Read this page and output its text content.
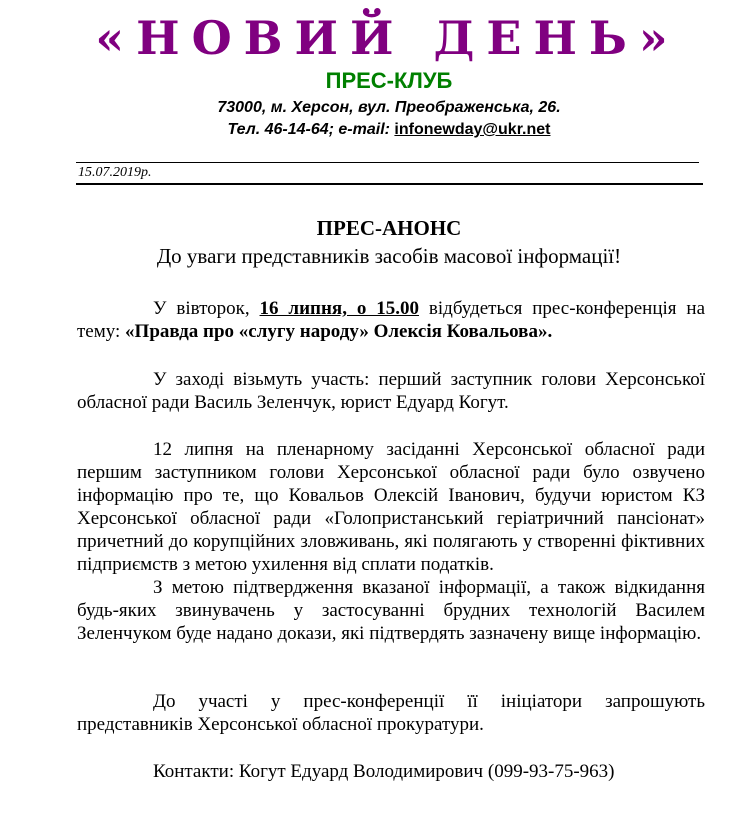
«НОВИЙ ДЕНЬ»
ПРЕС-КЛУБ
73000, м. Херсон, вул. Преображенська, 26.
Тел. 46-14-64; e-mail: infonewday@ukr.net
15.07.2019р.
ПРЕС-АНОНС
До уваги представників засобів масової інформації!

У вівторок, 16 липня, о 15.00 відбудеться прес-конференція на тему: «Правда про «слугу народу» Олексія Ковальова».

У заході візьмуть участь: перший заступник голови Херсонської обласної ради Василь Зеленчук, юрист Едуард Когут.

12 липня на пленарному засіданні Херсонської обласної ради першим заступником голови Херсонської обласної ради було озвучено інформацію про те, що Ковальов Олексій Іванович, будучи юристом КЗ Херсонської обласної ради «Голопристанський геріатричний пансіонат» причетний до корупційних зловживань, які полягають у створенні фіктивних підприємств з метою ухилення від сплати податків.

З метою підтвердження вказаної інформації, а також відкидання будь-яких звинувачень у застосуванні брудних технологій Василем Зеленчуком буде надано докази, які підтвердять зазначену вище інформацію.

До участі у прес-конференції її ініціатори запрошують представників Херсонської обласної прокуратури.

Контакти: Когут Едуард Володимирович (099-93-75-963)
